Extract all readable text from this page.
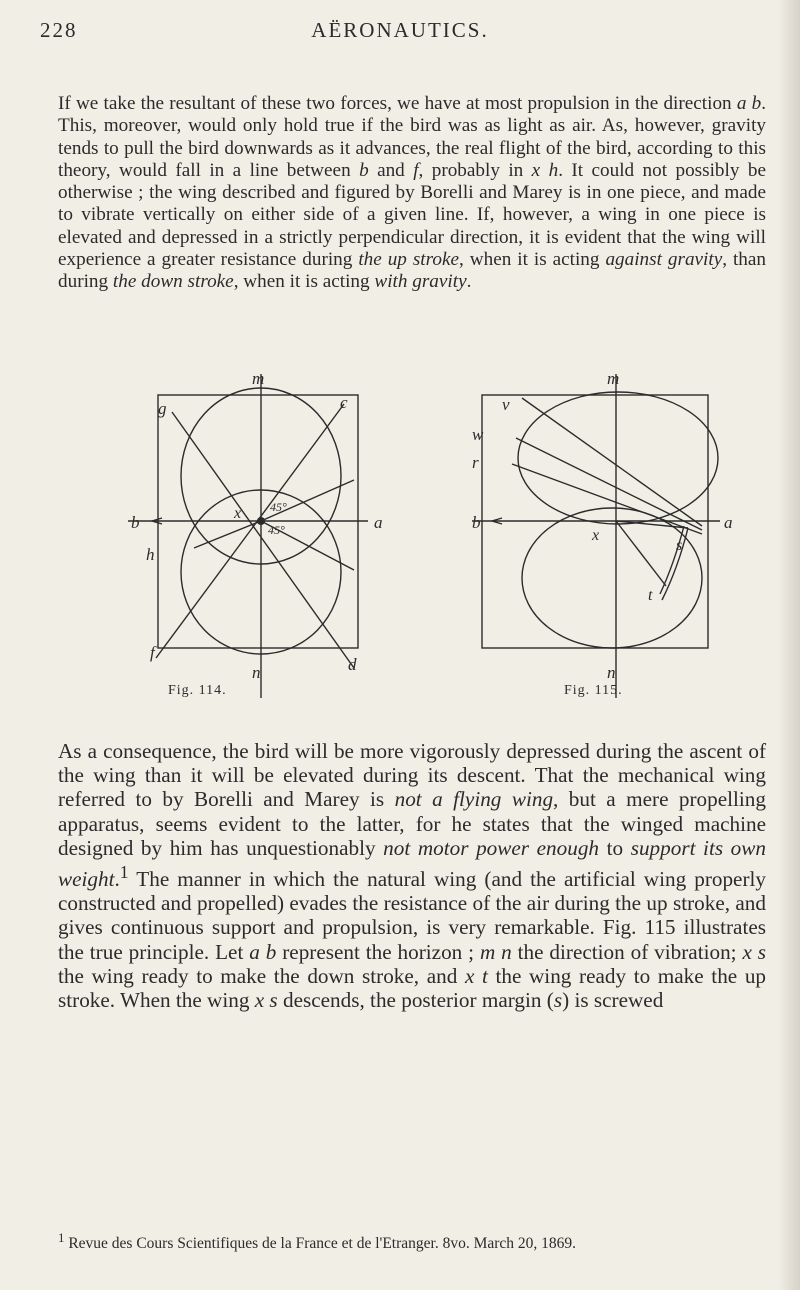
228	AËRONAUTICS.

If we take the resultant of these two forces, we have at most propulsion in the direction a b. This, moreover, would only hold true if the bird was as light as air. As, however, gravity tends to pull the bird downwards as it advances, the real flight of the bird, according to this theory, would fall in a line between b and f, probably in x h. It could not possibly be otherwise ; the wing described and figured by Borelli and Marey is in one piece, and made to vibrate vertically on either side of a given line. If, however, a wing in one piece is elevated and depressed in a strictly perpendicular direction, it is evident that the wing will experience a greater resistance during the up stroke, when it is acting against gravity, than during the down stroke, when it is acting with gravity.

m
n
g	c
b	a
x
h
f
d
45°
45°
Fig. 114.
m
n
v
w
r
b	a
x
s
t
Fig. 115.

As a consequence, the bird will be more vigorously depressed during the ascent of the wing than it will be elevated during its descent. That the mechanical wing referred to by Borelli and Marey is not a flying wing, but a mere propelling apparatus, seems evident to the latter, for he states that the winged machine designed by him has unquestionably not motor power enough to support its own weight.$^1$ The manner in which the natural wing (and the artificial wing properly constructed and propelled) evades the resistance of the air during the up stroke, and gives continuous support and propulsion, is very remarkable. Fig. 115 illustrates the true principle. Let a b represent the horizon ; m n the direction of vibration; x s the wing ready to make the down stroke, and x t the wing ready to make the up stroke. When the wing x s descends, the posterior margin (s) is screwed

$^1$ Revue des Cours Scientifiques de la France et de l'Etranger. 8vo. March 20, 1869.
